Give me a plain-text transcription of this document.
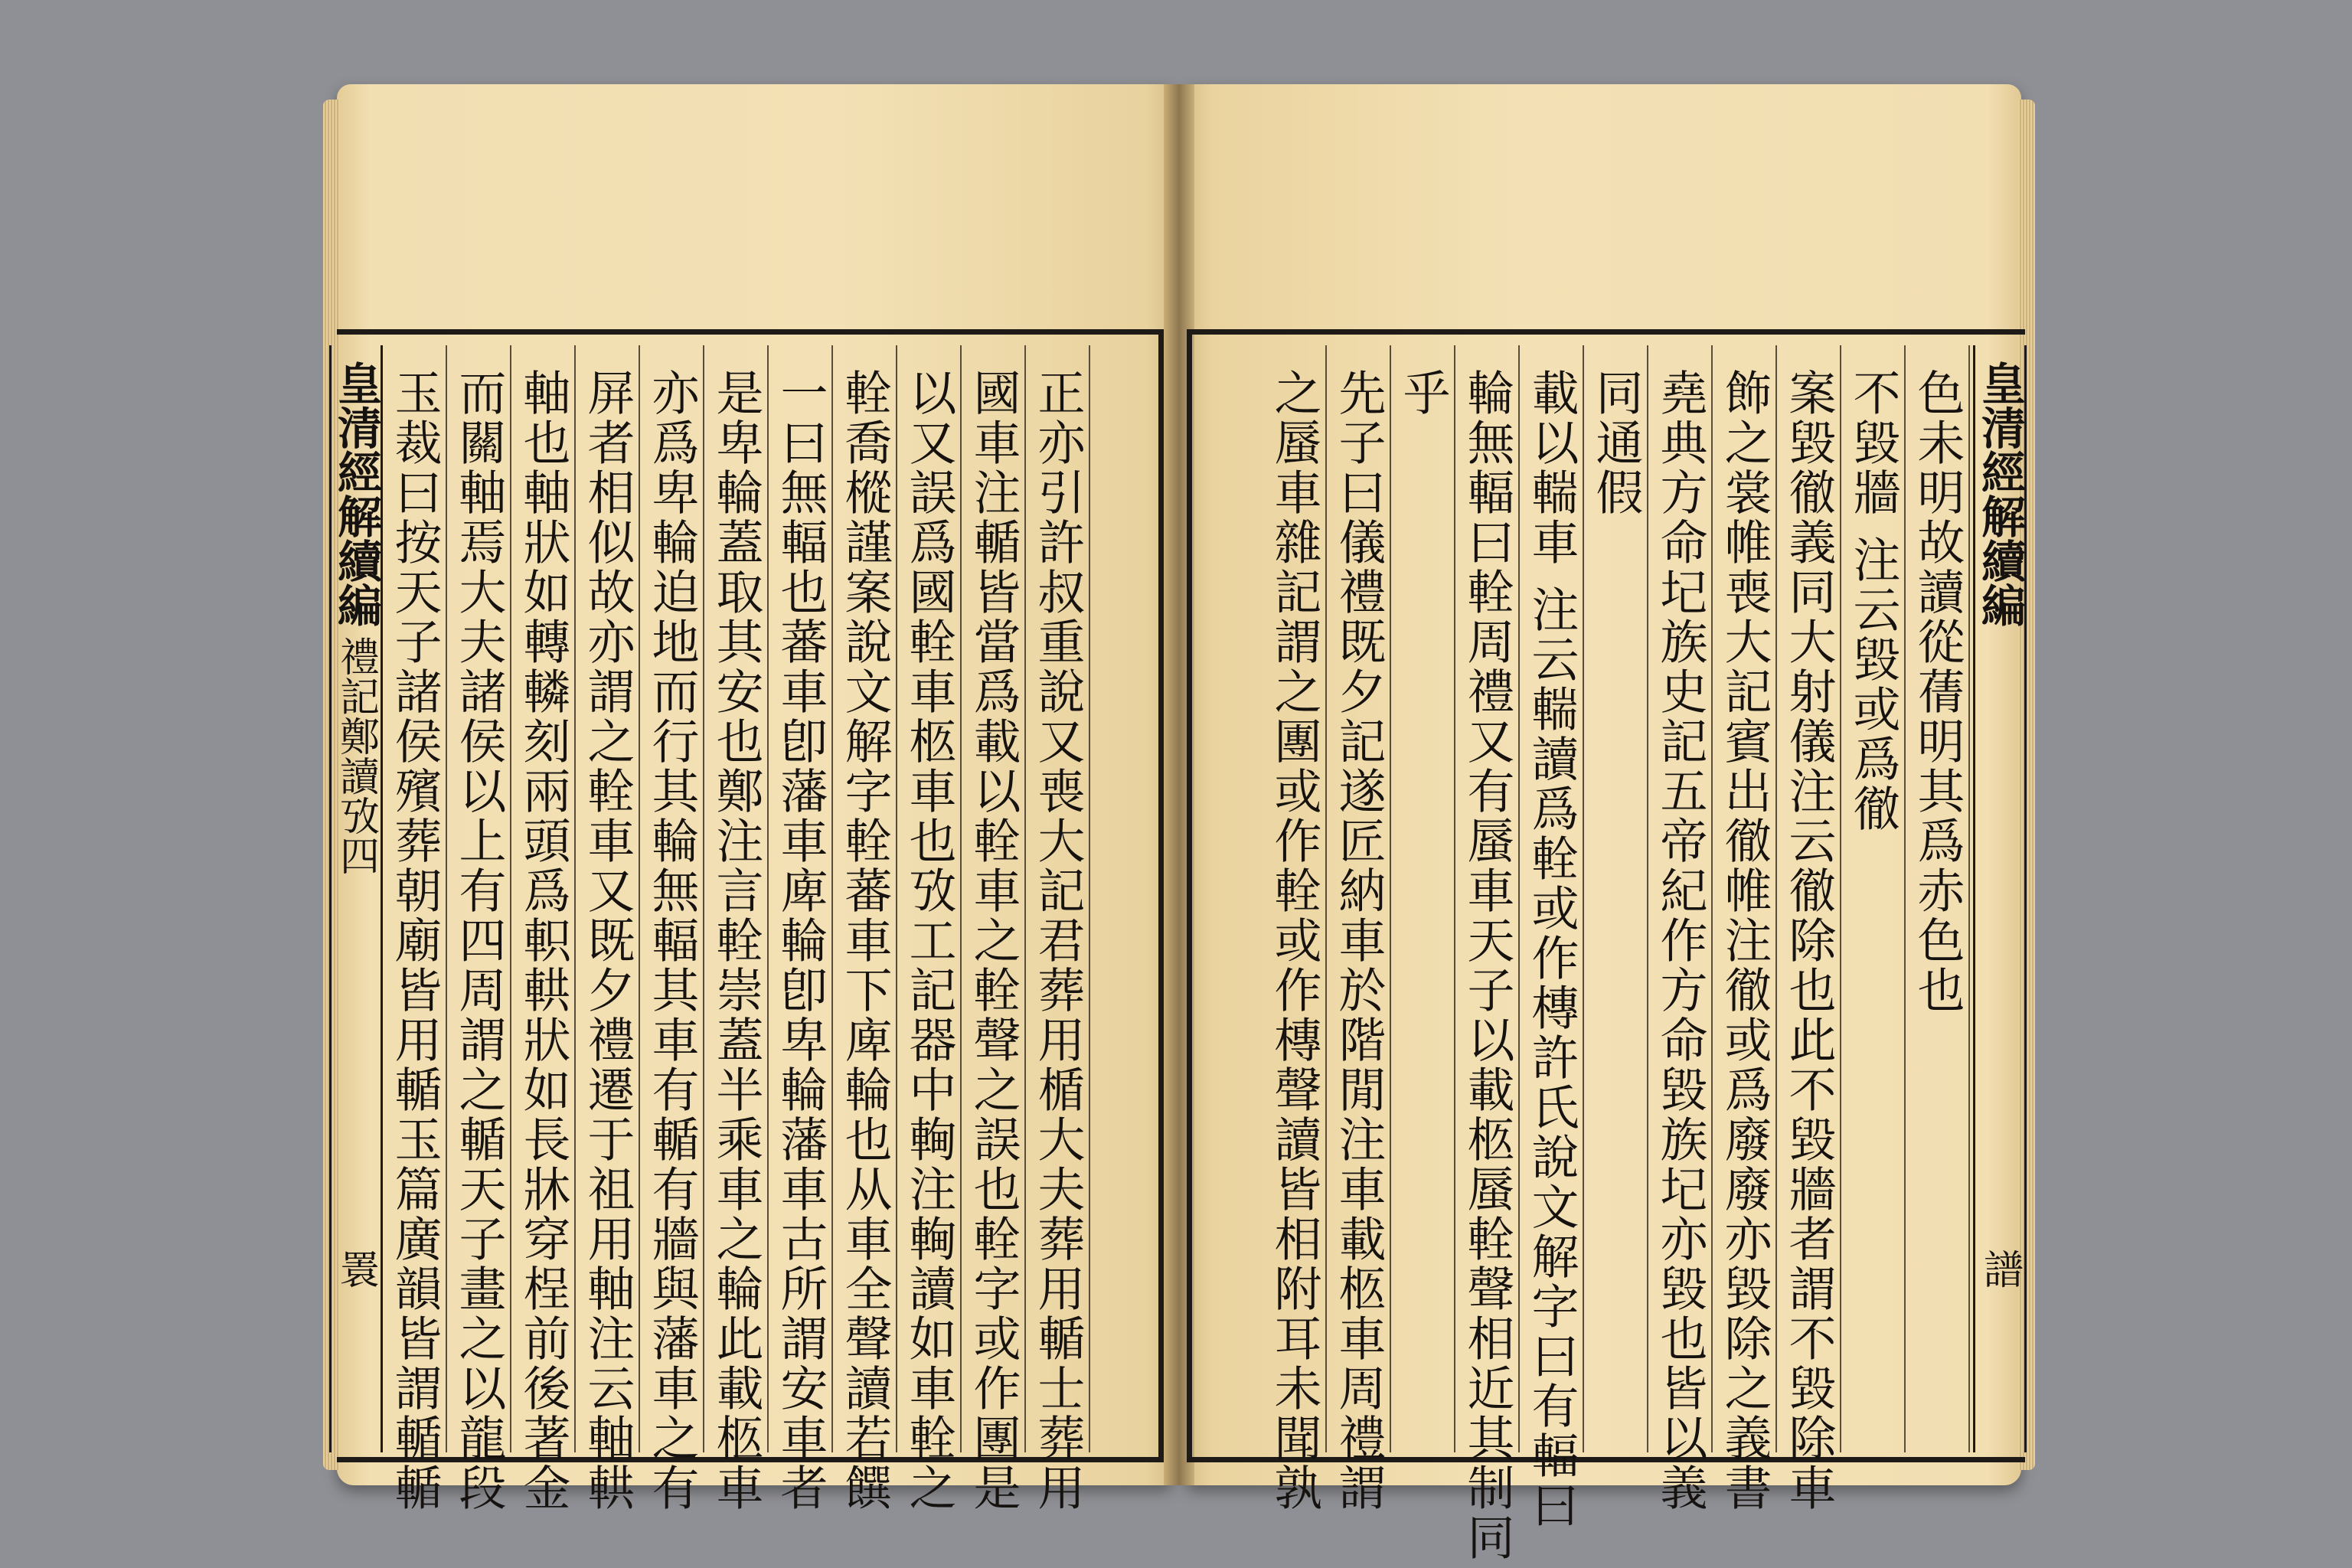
正亦引許叔重說又喪大記君葬用楯大夫葬用輴士葬用
國車注輴皆當爲載以輇車之輇聲之誤也輇字或作團是
以又誤爲國輇車柩車也攷工記器中䡘注䡘讀如車輇之
輇喬樅謹案說文解字輇蕃車下庳輪也从車全聲讀若饌
一曰無輻也蕃車卽藩車庳輪卽卑輪藩車古所謂安車者
是卑輪蓋取其安也鄭注言輇崇蓋半乘車之輪此載柩車
亦爲卑輪迫地而行其輪無輻其車有輴有牆與藩車之有
屏者相似故亦謂之輇車又既夕禮遷于祖用軸注云軸輁
軸也軸狀如轉轔刻兩頭爲軹輁狀如長牀穿桯前後著金
而關軸焉大夫諸侯以上有四周謂之輴天子畫之以龍段
玉裁曰按天子諸侯殯葬朝廟皆用輴玉篇廣韻皆謂輴輴
皇清經解續編
禮記鄭讀攷四
瞏
皇清經解續編
譜
色未明故讀從蒨明其爲赤色也
不毀牆 注云毀或爲徹
案毀徹義同大射儀注云徹除也此不毀牆者謂不毀除車
飾之裳帷喪大記賓出徹帷注徹或爲廢廢亦毀除之義書
堯典方命圮族史記五帝紀作方命毀族圮亦毀也皆以義
同通假
載以輲車 注云輲讀爲輇或作槫許氏說文解字曰有輻曰
輪無輻曰輇周禮又有蜃車天子以載柩蜃輇聲相近其制同
乎
先子曰儀禮既夕記遂匠納車於階閒注車載柩車周禮謂
之蜃車雜記謂之團或作輇或作槫聲讀皆相附耳未聞孰
